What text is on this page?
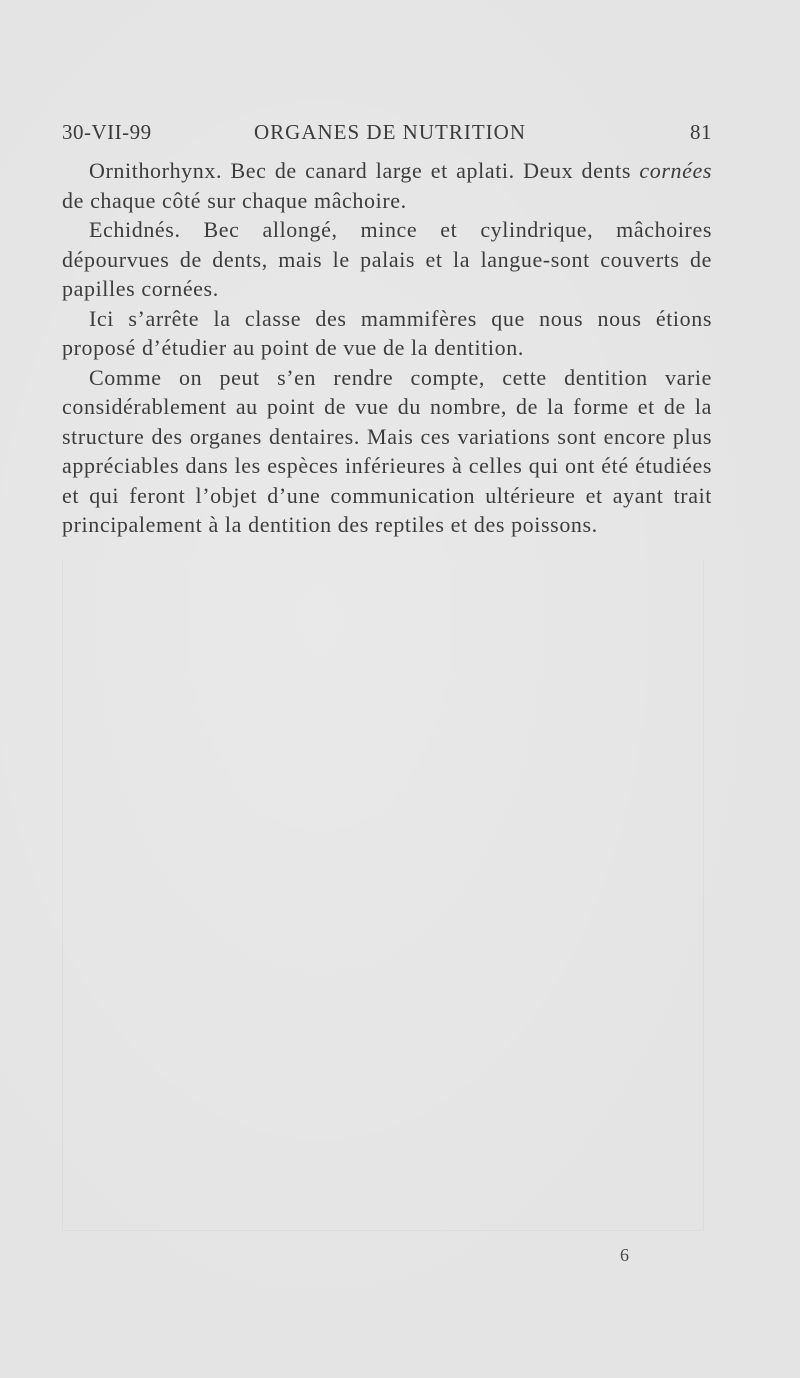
30-VII-99	ORGANES DE NUTRITION	81

Ornithorhynx. Bec de canard large et aplati. Deux dents cornées de chaque côté sur chaque mâchoire.

Echidnés. Bec allongé, mince et cylindrique, mâchoires dépourvues de dents, mais le palais et la langue-sont couverts de papilles cornées.

Ici s’arrête la classe des mammifères que nous nous étions proposé d’étudier au point de vue de la dentition.

Comme on peut s’en rendre compte, cette dentition varie considérablement au point de vue du nombre, de la forme et de la structure des organes dentaires. Mais ces variations sont encore plus appréciables dans les espèces inférieures à celles qui ont été étudiées et qui feront l’objet d’une communication ultérieure et ayant trait principalement à la dentition des reptiles et des poissons.

6
